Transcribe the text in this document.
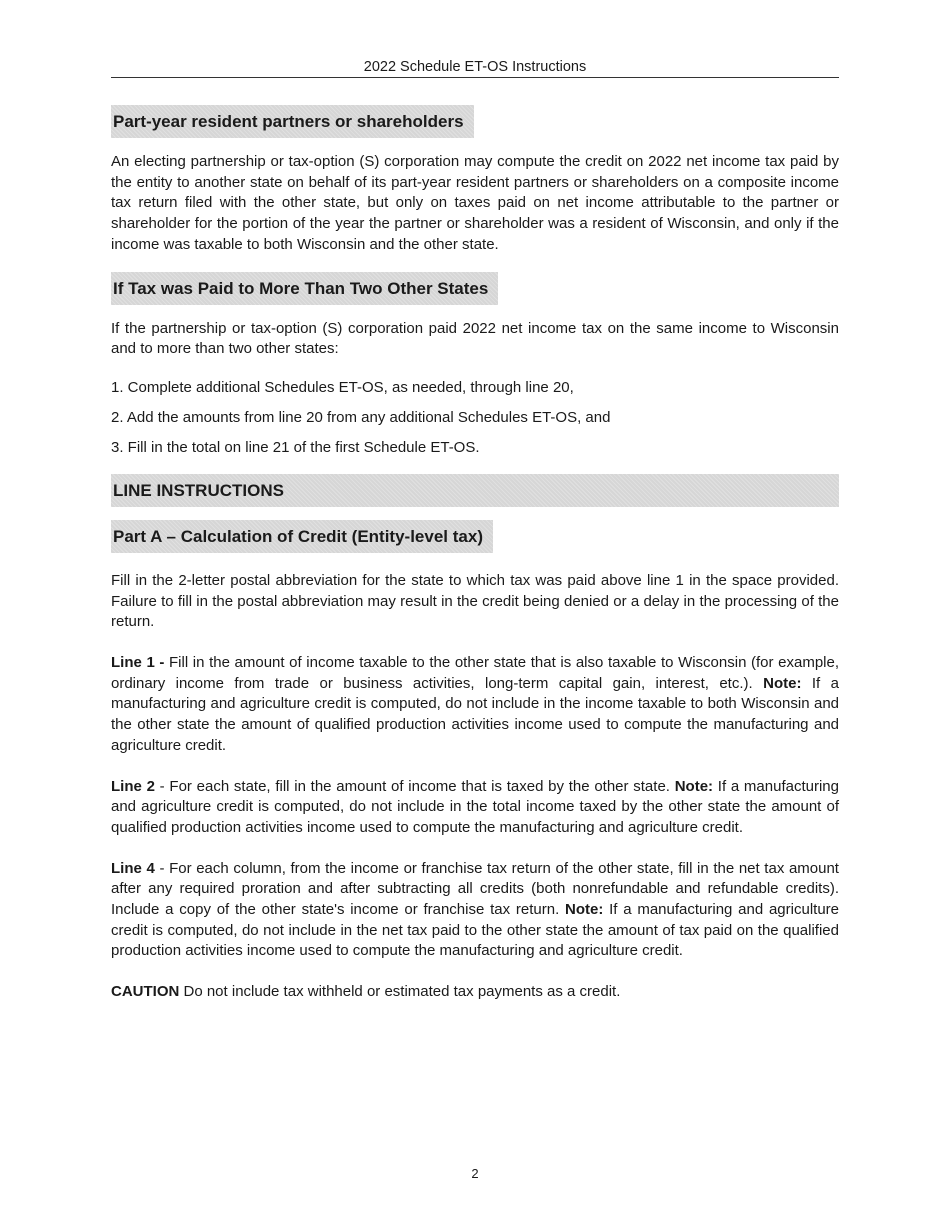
2022 Schedule ET-OS Instructions
Part-year resident partners or shareholders

An electing partnership or tax-option (S) corporation may compute the credit on 2022 net income tax paid by the entity to another state on behalf of its part-year resident partners or shareholders on a composite income tax return filed with the other state, but only on taxes paid on net income attributable to the partner or shareholder for the portion of the year the partner or shareholder was a resident of Wisconsin, and only if the income was taxable to both Wisconsin and the other state.

If Tax was Paid to More Than Two Other States

If the partnership or tax-option (S) corporation paid 2022 net income tax on the same income to Wisconsin and to more than two other states:

1. Complete additional Schedules ET-OS, as needed, through line 20,
2. Add the amounts from line 20 from any additional Schedules ET-OS, and
3. Fill in the total on line 21 of the first Schedule ET-OS.
LINE INSTRUCTIONS
Part A – Calculation of Credit (Entity-level tax)

Fill in the 2-letter postal abbreviation for the state to which tax was paid above line 1 in the space provided. Failure to fill in the postal abbreviation may result in the credit being denied or a delay in the processing of the return.

Line 1 - Fill in the amount of income taxable to the other state that is also taxable to Wisconsin (for example, ordinary income from trade or business activities, long-term capital gain, interest, etc.). Note: If a manufacturing and agriculture credit is computed, do not include in the income taxable to both Wisconsin and the other state the amount of qualified production activities income used to compute the manufacturing and agriculture credit.

Line 2 - For each state, fill in the amount of income that is taxed by the other state. Note: If a manufacturing and agriculture credit is computed, do not include in the total income taxed by the other state the amount of qualified production activities income used to compute the manufacturing and agriculture credit.

Line 4 - For each column, from the income or franchise tax return of the other state, fill in the net tax amount after any required proration and after subtracting all credits (both nonrefundable and refundable credits). Include a copy of the other state's income or franchise tax return. Note: If a manufacturing and agriculture credit is computed, do not include in the net tax paid to the other state the amount of tax paid on the qualified production activities income used to compute the manufacturing and agriculture credit.

CAUTION Do not include tax withheld or estimated tax payments as a credit.

2
